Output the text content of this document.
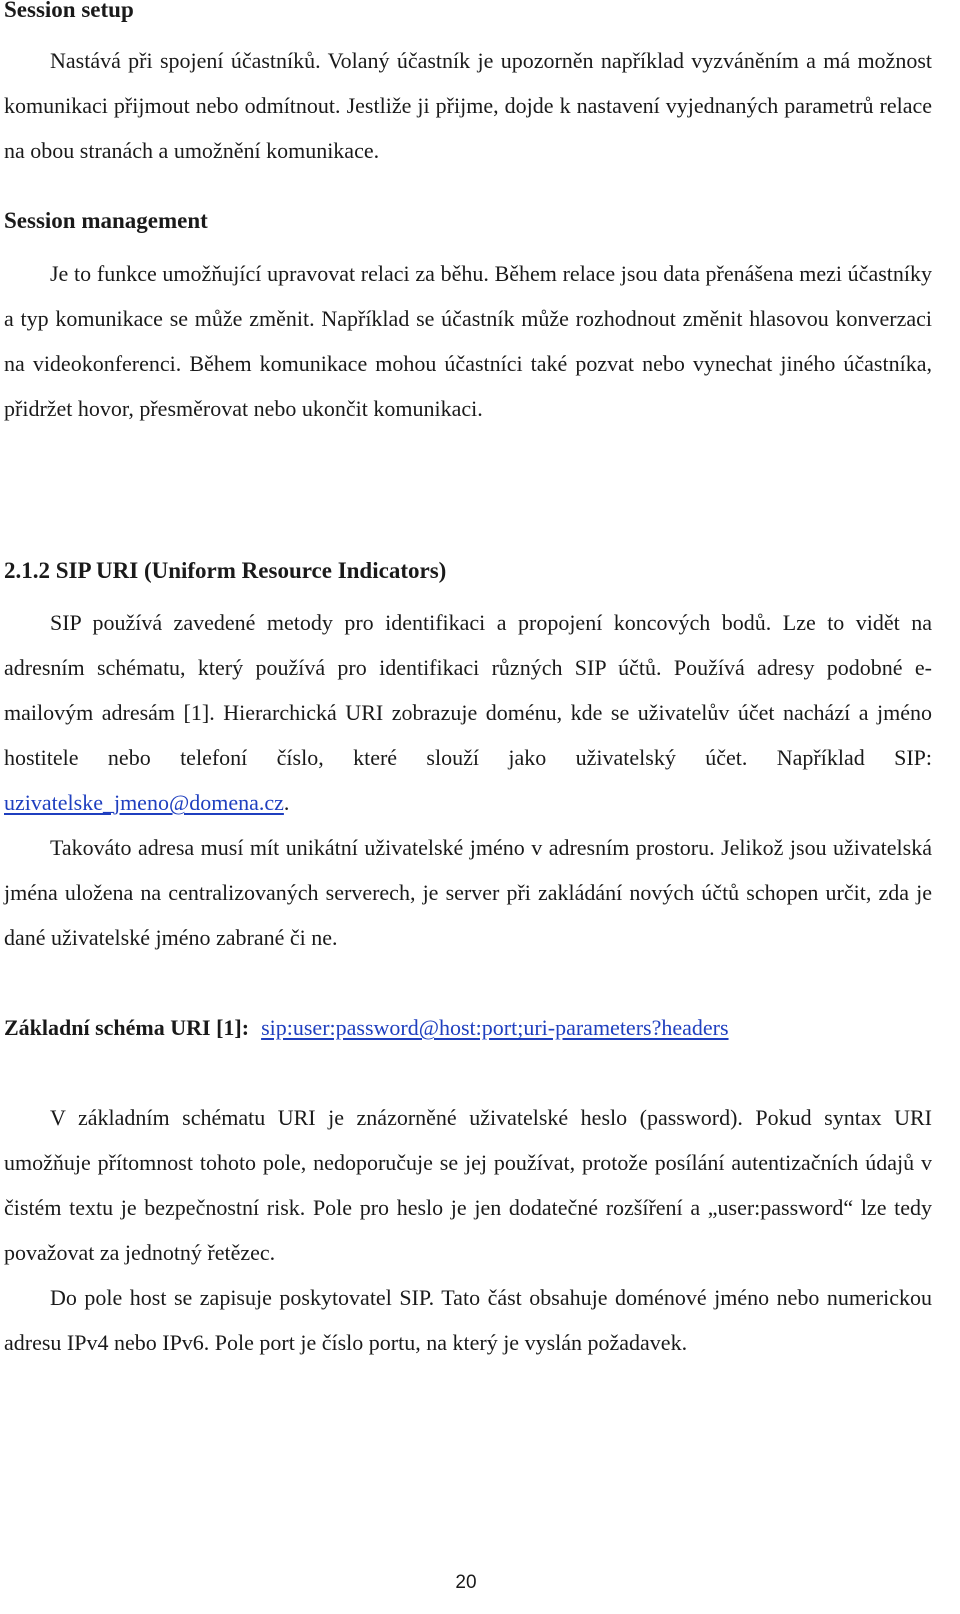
Session setup

Nastává při spojení účastníků. Volaný účastník je upozorněn například vyzváněním a má možnost komunikaci přijmout nebo odmítnout. Jestliže ji přijme, dojde k nastavení vyjednaných parametrů relace na obou stranách a umožnění komunikace.

Session management

Je to funkce umožňující upravovat relaci za běhu. Během relace jsou data přenášena mezi účastníky a typ komunikace se může změnit. Například se účastník může rozhodnout změnit hlasovou konverzaci na videokonferenci. Během komunikace mohou účastníci také pozvat nebo vynechat jiného účastníka, přidržet hovor, přesměrovat nebo ukončit komunikaci.

2.1.2 SIP URI (Uniform Resource Indicators)

SIP používá zavedené metody pro identifikaci a propojení koncových bodů. Lze to vidět na adresním schématu, který používá pro identifikaci různých SIP účtů. Používá adresy podobné e-mailovým adresám [1]. Hierarchická URI zobrazuje doménu, kde se uživatelův účet nachází a jméno hostitele nebo telefoní číslo, které slouží jako uživatelský účet. Například SIP: uzivatelske_jmeno@domena.cz.

Takováto adresa musí mít unikátní uživatelské jméno v adresním prostoru. Jelikož jsou uživatelská jména uložena na centralizovaných serverech, je server při zakládání nových účtů schopen určit, zda je dané uživatelské jméno zabrané či ne.

Základní schéma URI [1]: sip:user:password@host:port;uri-parameters?headers

V základním schématu URI je znázorněné uživatelské heslo (password). Pokud syntax URI umožňuje přítomnost tohoto pole, nedoporučuje se jej používat, protože posílání autentizačních údajů v čistém textu je bezpečnostní risk. Pole pro heslo je jen dodatečné rozšíření a „user:password“ lze tedy považovat za jednotný řetězec.

Do pole host se zapisuje poskytovatel SIP. Tato část obsahuje doménové jméno nebo numerickou adresu IPv4 nebo IPv6. Pole port je číslo portu, na který je vyslán požadavek.

20
